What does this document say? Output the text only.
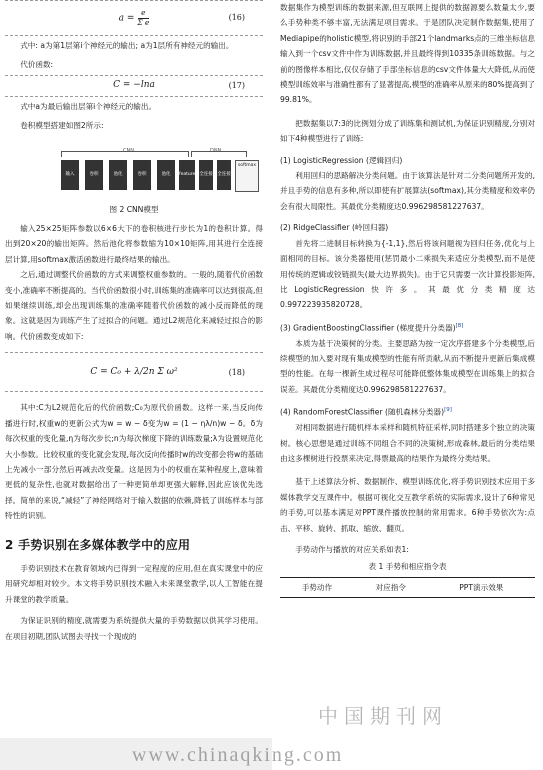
$a = \frac{e}{\text{Σ e}}$	(16)

式中: a为第1层第i个神经元的输出; a为1层所有神经元的输出。

代价函数:

C = −lna	(17)

式中a为最后输出层第i个神经元的输出。

卷积模型搭建如图2所示:

CNN	DNN
输入	卷积	池化	卷积	池化	feature map
全连接 全连接
softmax

图 2 CNN模型

输入25×25矩阵参数以6×6大下的卷积核进行步长为1的卷积计算。得出到20×20的输出矩阵。然后池化将参数缩为10×10矩阵,用其进行全连接层计算,用softmax激活函数进行最终结果的输出。

之后,通过调整代价函数的方式来调整权重参数的。一般的,随着代价函数变小,准确率不断提高的。当代价函数很小时,训练集的准确率可以达到很高,但如果继续训练,却会出现训练集的准确率随着代价函数的减小反而降低的现象。这就是因为训练产生了过拟合的问题。通过L2规范化来减轻过拟合的影响。代价函数变成如下:

C = C₀ + λ/2n Σ ω²	(18)

其中:C为L2规范化后的代价函数;C₀为原代价函数。这样一来,当反向传播进行时,权重w的更新公式为w = w − δ变为w = (1 − ηλ/n)w − δ。δ为每次权重的变化量,η为每次步长;n为每次梯度下降的训练数量;λ为设置规范化大小参数。比较权重的变化就会发现,每次反向传播时w的改变都会将w的基础上先减小一部分然后再减去改变量。这是因为小的权重在某种程度上,意味着更低的复杂性,也就对数据给出了一种更简单却更强大解释,因此应该优先选择。简单的来说,“减轻”了神经网络对于输入数据的依赖,降低了训练样本与部特性的识别。

2 手势识别在多媒体教学中的应用

手势识别技术在教育领域内已得到一定程度的应用,但在真实课堂中的应用研究却相对较少。本文将手势识别技术融入未来课堂教学,以人工智能在提升课堂的教学质量。

为保证识别的精度,就需要为系统提供大量的手势数据以供其学习使用。在项目初期,团队试图去寻找一个现成的

数据集作为模型训练的数据来源,但互联网上提供的数据源要么数量太少,要么手势种类不够丰富,无法满足项目需求。于是团队决定制作数据集,使用了Mediapipe的holistic模型,将识别的手部21个landmarks点的三维坐标信息输入到一个csv文件中作为训练数据,并且最终得到10335条训练数据。与之前的图像样本相比,仅仅存储了手部坐标信息的csv文件体量大大降低,从而使模型训练效率与准确性都有了显著提高,模型的准确率从原来的80%提高到了99.81%。

把数据集以7:3的比例划分成了训练集和测试机,为保证识别精度,分别对如下4种模型进行了训练:

(1) LogisticRegression (逻辑回归)

利用回归的思路解决分类问题。由于该算法是针对二分类问题所开发的,并且手势的信息有多种,所以即使有扩展算法(softmax),其分类精度和效率仍会有很大局限性。其最优分类精度达0.996298581227637。

(2) RidgeClassifier (岭回归器)

首先将二进制目标转换为{-1,1},然后将该问题视为回归任务,优化与上面相同的目标。该分类器使用(惩罚最小二乘损失来适应分类模型,而不是使用传统的逻辑或铰链损失(最大边界损失)。由于它只需要一次计算投影矩阵,比LogisticRegression快许多。其最优分类精度达0.997223935820728。

(3) GradientBoostingClassifier (梯度提升分类器)[8]

本质为基于决策树的分类。主要思路为按一定次序搭建多个分类模型,后续模型的加入要对现有集成模型的性能有所贡献,从而不断提升更新后集成模型的性能。在每一棵新生成过程尽可能降低整体集成模型在训练集上的拟合误差。其最优分类精度达0.996298581227637。

(4) RandomForestClassifier (随机森林分类器)[9]

对相同数据进行随机样本采样和随机特征采样,同时搭建多个独立的决策树。核心思想是通过训练不同组合不同的决策树,形成森林,最后的分类结果由这多棵树进行投票来决定,得票最高的结果作为最终分类结果。

基于上述算法分析、数据制作、模型训练优化,将手势识别技术应用于多媒体教学交互课件中。根据可视化交互教学系统的实际需求,设计了6种常见的手势,可以基本满足对PPT课件播放控制的常用需求。6种手势依次为:点击、平移、旋转、抓取、缩放、翻页。

手势动作与播放的对应关系如表1:

表 1 手势和相应指令表

手势动作	对应指令	PPT演示效果
中国期刊网
www.chinaqking.com
